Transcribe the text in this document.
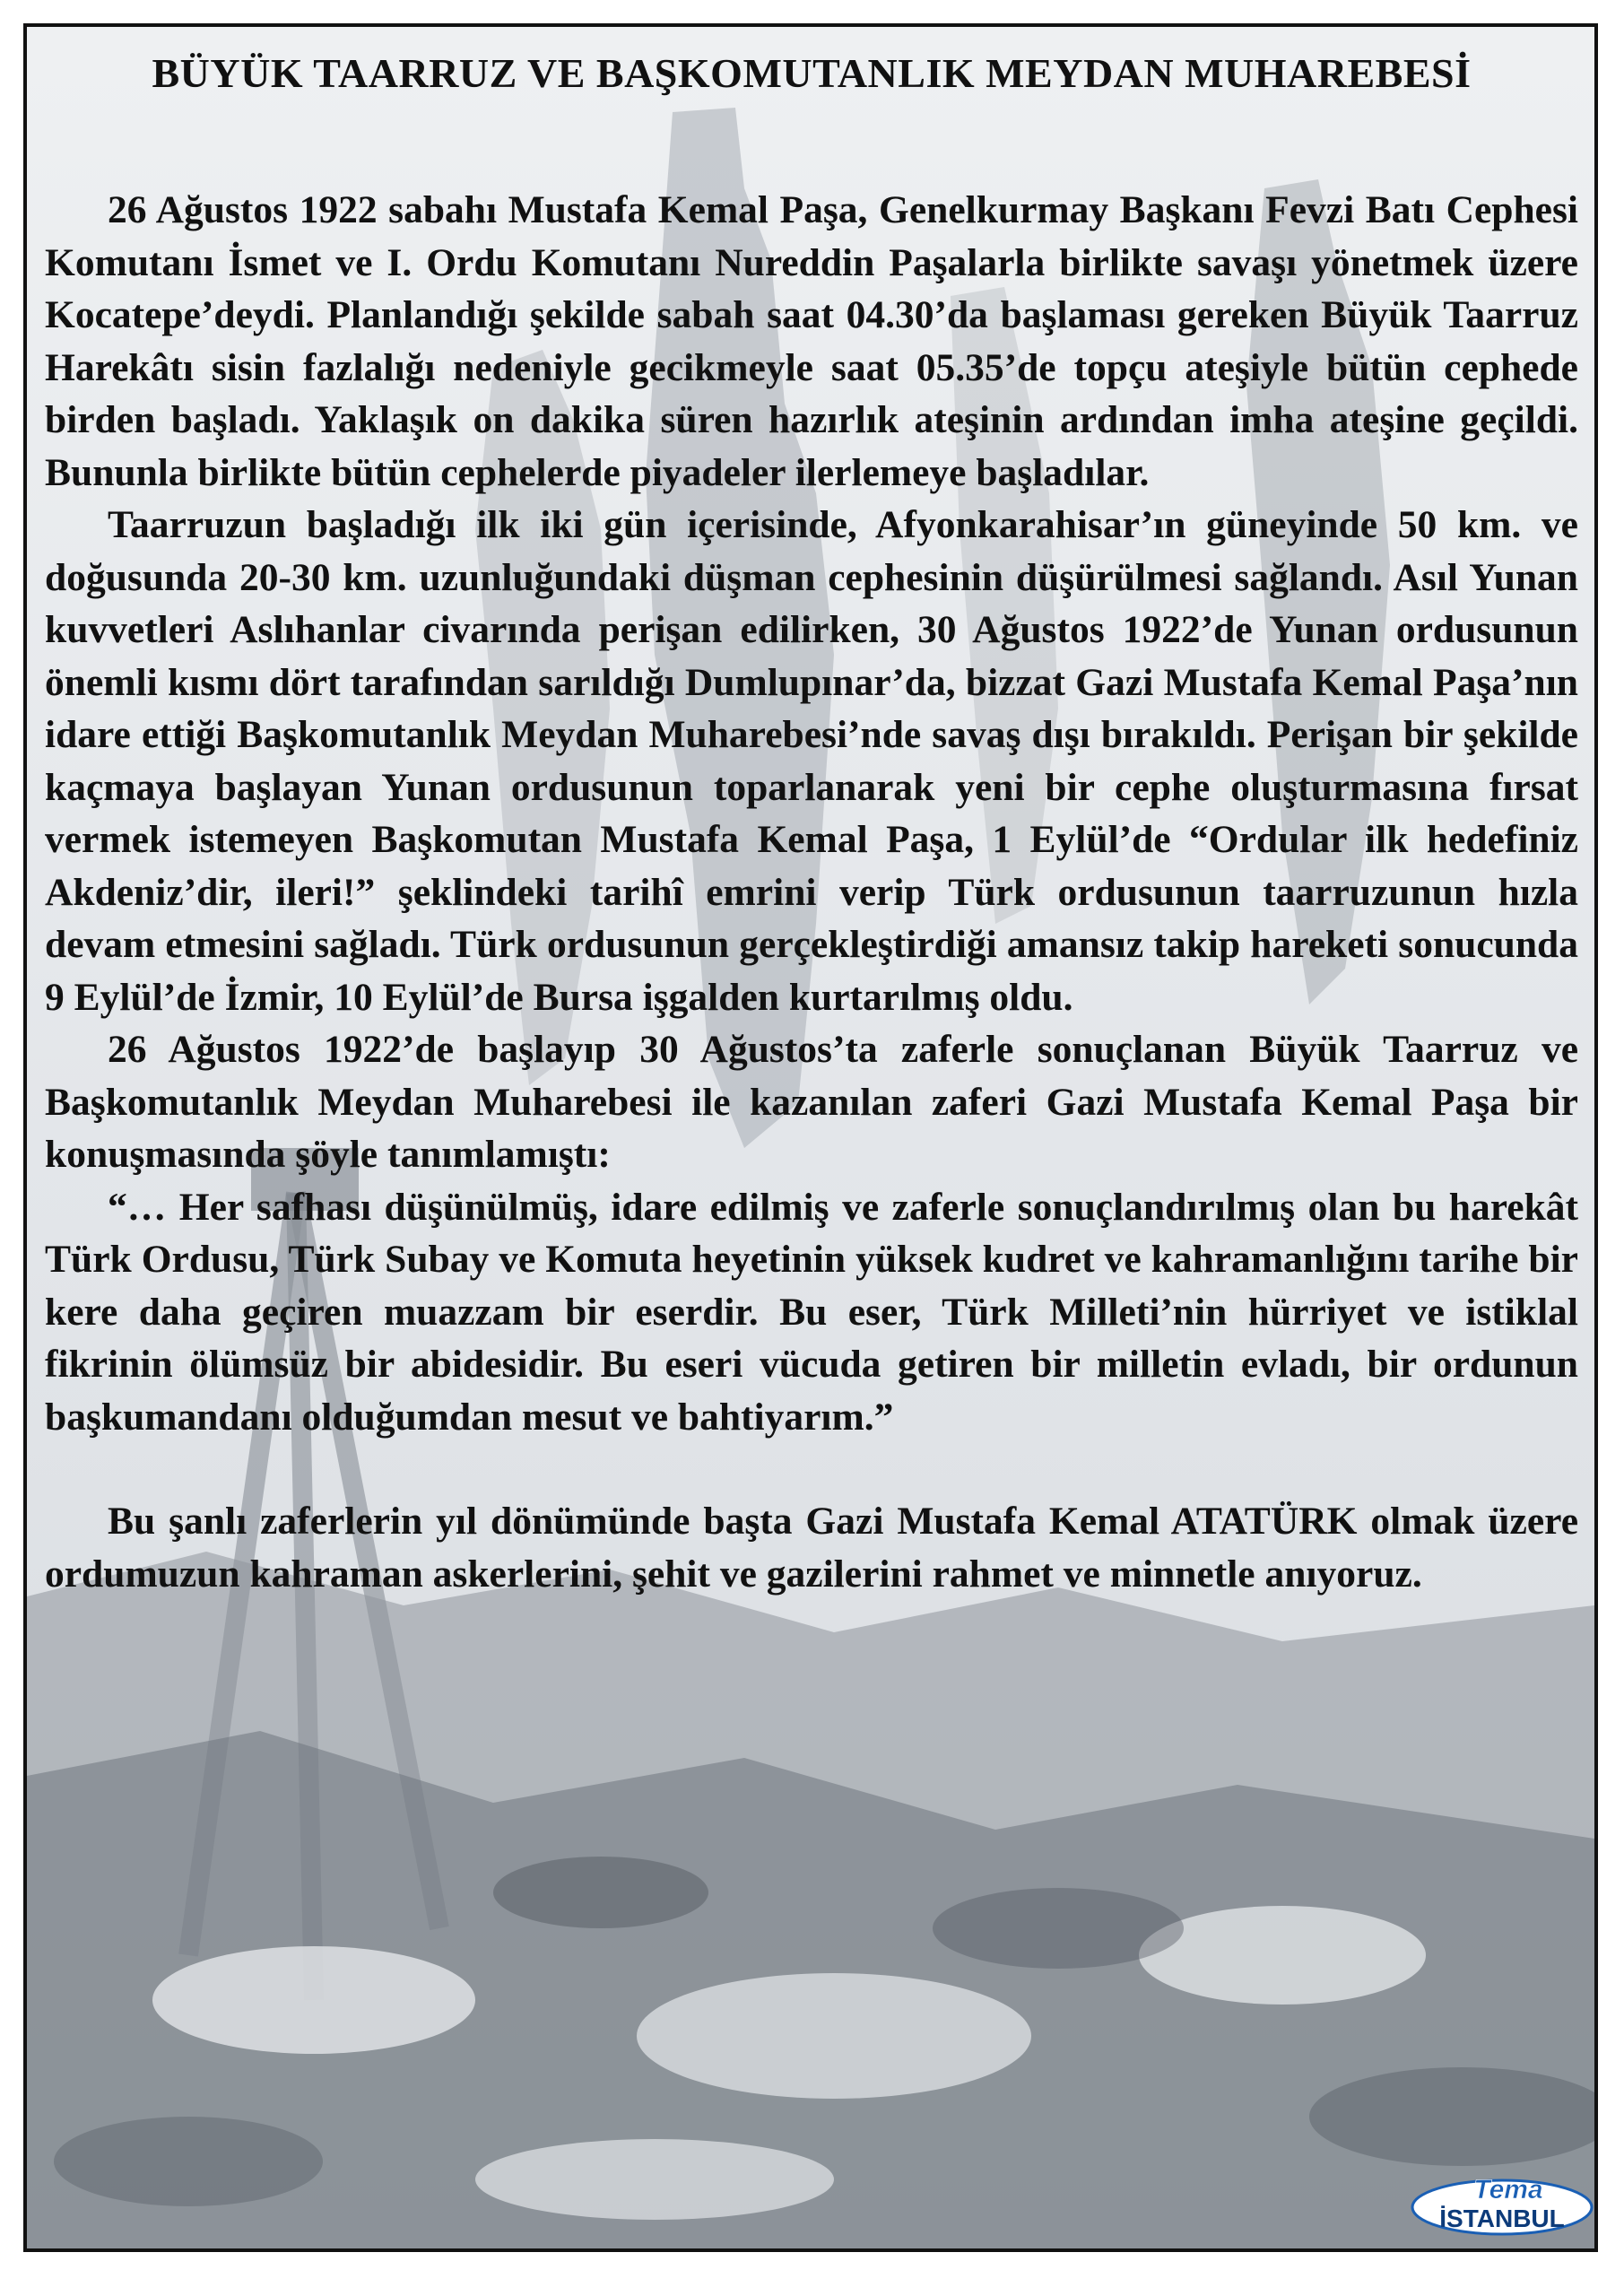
BÜYÜK TAARRUZ VE BAŞKOMUTANLIK MEYDAN MUHAREBESİ

26 Ağustos 1922 sabahı Mustafa Kemal Paşa, Genelkurmay Başkanı Fevzi Batı Cephesi Komutanı İsmet ve I. Ordu Komutanı Nureddin Paşalarla birlikte savaşı yönetmek üzere Kocatepe’deydi. Planlandığı şekilde sabah saat 04.30’da başlaması gereken Büyük Taarruz Harekâtı sisin fazlalığı nedeniyle gecikmeyle saat 05.35’de topçu ateşiyle bütün cephede birden başladı. Yaklaşık on dakika süren hazırlık ateşinin ardından imha ateşine geçildi. Bununla birlikte bütün cephelerde piyadeler ilerlemeye başladılar.

Taarruzun başladığı ilk iki gün içerisinde, Afyonkarahisar’ın güneyinde 50 km. ve doğusunda 20-30 km. uzunluğundaki düşman cephesinin düşürülmesi sağlandı. Asıl Yunan kuvvetleri Aslıhanlar civarında perişan edilirken, 30 Ağustos 1922’de Yunan ordusunun önemli kısmı dört tarafından sarıldığı Dumlupınar’da, bizzat Gazi Mustafa Kemal Paşa’nın idare ettiği Başkomutanlık Meydan Muharebesi’nde savaş dışı bırakıldı. Perişan bir şekilde kaçmaya başlayan Yunan ordusunun toparlanarak yeni bir cephe oluşturmasına fırsat vermek istemeyen Başkomutan Mustafa Kemal Paşa, 1 Eylül’de “Ordular ilk hedefiniz Akdeniz’dir, ileri!” şeklindeki tarihî emrini verip Türk ordusunun taarruzunun hızla devam etmesini sağladı. Türk ordusunun gerçekleştirdiği amansız takip hareketi sonucunda 9 Eylül’de İzmir, 10 Eylül’de Bursa işgalden kurtarılmış oldu.

26 Ağustos 1922’de başlayıp 30 Ağustos’ta zaferle sonuçlanan Büyük Taarruz ve Başkomutanlık Meydan Muharebesi ile kazanılan zaferi Gazi Mustafa Kemal Paşa bir konuşmasında şöyle tanımlamıştı:

“… Her safhası düşünülmüş, idare edilmiş ve zaferle sonuçlandırılmış olan bu harekât Türk Ordusu, Türk Subay ve Komuta heyetinin yüksek kudret ve kahramanlığını tarihe bir kere daha geçiren muazzam bir eserdir. Bu eser, Türk Milleti’nin hürriyet ve istiklal fikrinin ölümsüz bir abidesidir. Bu eseri vücuda getiren bir milletin evladı, bir ordunun başkumandanı olduğumdan mesut ve bahtiyarım.”

Bu şanlı zaferlerin yıl dönümünde başta Gazi Mustafa Kemal ATATÜRK olmak üzere ordumuzun kahraman askerlerini, şehit ve gazilerini rahmet ve minnetle anıyoruz.

Tema
İSTANBUL
